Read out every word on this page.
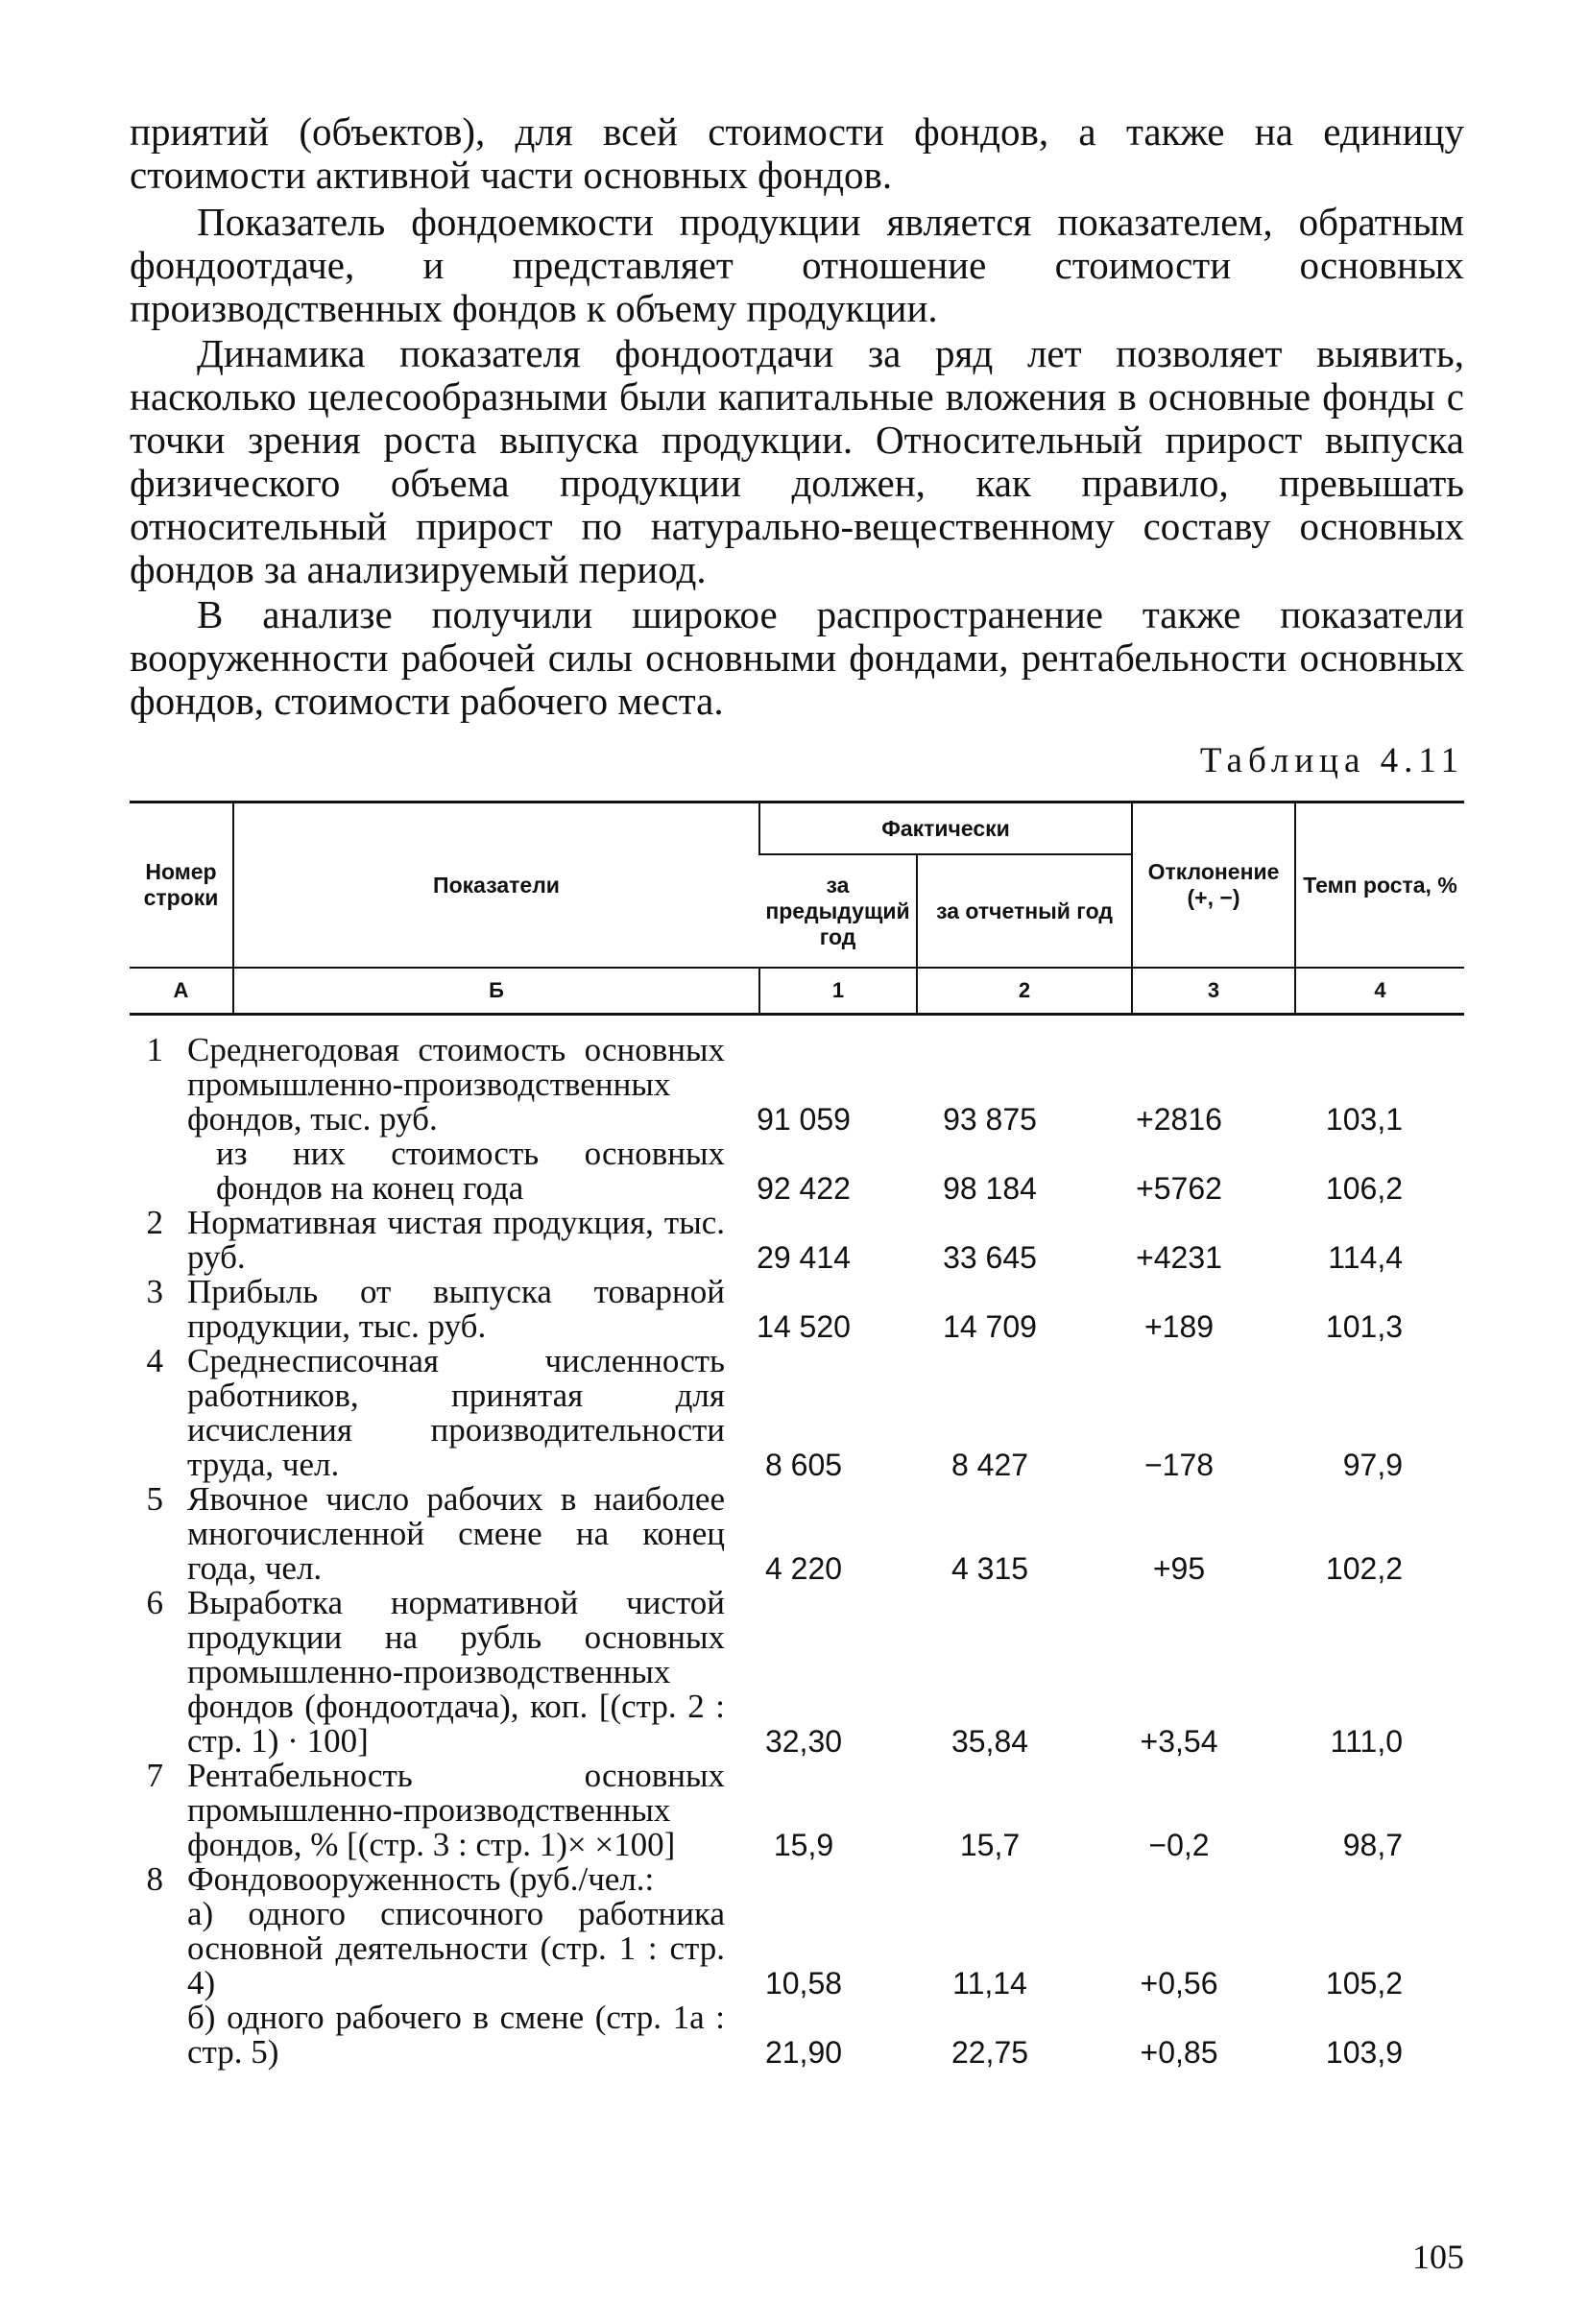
приятий (объектов), для всей стоимости фондов, а также на единицу стоимости активной части основных фондов.

Показатель фондоемкости продукции является показателем, обратным фондоотдаче, и представляет отношение стоимости основных производственных фондов к объему продукции.

Динамика показателя фондоотдачи за ряд лет позволяет выявить, насколько целесообразными были капитальные вложения в основные фонды с точки зрения роста выпуска продукции. Относительный прирост выпуска физического объема продукции должен, как правило, превышать относительный прирост по натурально-вещественному составу основных фондов за анализируемый период.

В анализе получили широкое распространение также показатели вооруженности рабочей силы основными фондами, рентабельности основных фондов, стоимости рабочего места.

Таблица 4.11
Номер строки	Показатели	Фактически		Отклонение (+, −)	Темп роста, %
		за предыдущий год	за отчетный год		
А	Б	1	2	3	4
1 Среднегодовая стоимость основных промышленно-производственных фондов, тыс. руб.	91 059	93 875	+2816	103,1
из них стоимость основных фондов на конец года	92 422	98 184	+5762	106,2
2 Нормативная чистая продукция, тыс. руб.	29 414	33 645	+4231	114,4
3 Прибыль от выпуска товарной продукции, тыс. руб.	14 520	14 709	+189	101,3
4 Среднесписочная численность работников, принятая для исчисления производительности труда, чел.	8 605	8 427	−178	97,9
5 Явочное число рабочих в наиболее многочисленной смене на конец года, чел.	4 220	4 315	+95	102,2
6 Выработка нормативной чистой продукции на рубль основных промышленно-производственных фондов (фондоотдача), коп. [(стр. 2 : стр. 1) · 100]	32,30	35,84	+3,54	111,0
7 Рентабельность основных промышленно-производственных фондов, % [(стр. 3 : стр. 1)× ×100]	15,9	15,7	−0,2	98,7
8 Фондовооруженность (руб./чел.:
а) одного списочного работника основной деятельности (стр. 1 : стр. 4)	10,58	11,14	+0,56	105,2
б) одного рабочего в смене (стр. 1а : стр. 5)	21,90	22,75	+0,85	103,9
105
